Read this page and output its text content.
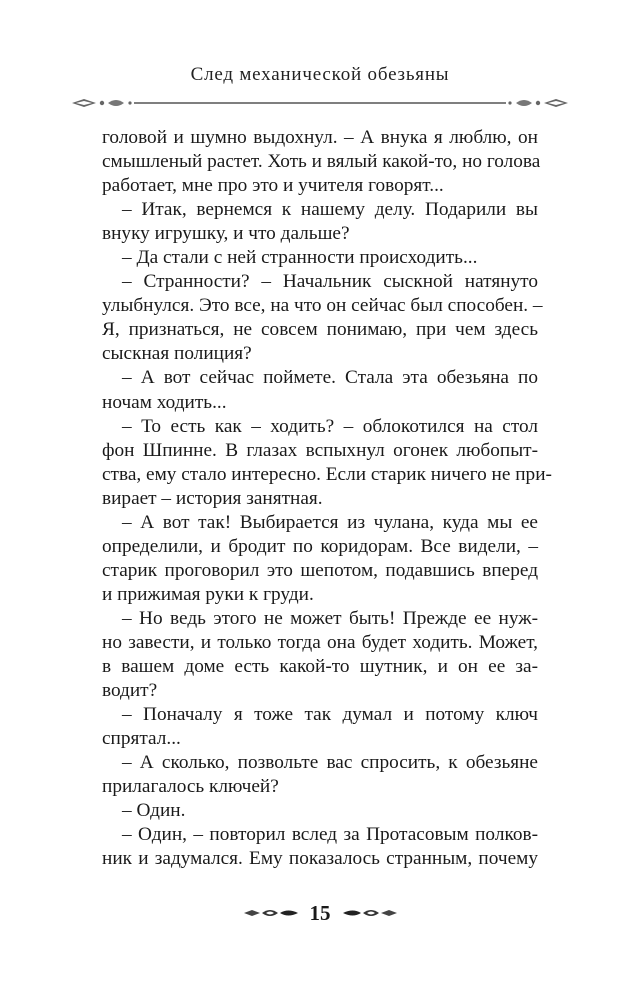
След механической обезьяны
головой и шумно выдохнул. – А внука я люблю, он
смышленый растет. Хоть и вялый какой-то, но голова
работает, мне про это и учителя говорят...
– Итак, вернемся к нашему делу. Подарили вы
внуку игрушку, и что дальше?
– Да стали с ней странности происходить...
– Странности? – Начальник сыскной натянуто
улыбнулся. Это все, на что он сейчас был способен. –
Я, признаться, не совсем понимаю, при чем здесь
сыскная полиция?
– А вот сейчас поймете. Стала эта обезьяна по
ночам ходить...
– То есть как – ходить? – облокотился на стол
фон Шпинне. В глазах вспыхнул огонек любопыт-
ства, ему стало интересно. Если старик ничего не при-
вирает – история занятная.
– А вот так! Выбирается из чулана, куда мы ее
определили, и бродит по коридорам. Все видели, –
старик проговорил это шепотом, подавшись вперед
и прижимая руки к груди.
– Но ведь этого не может быть! Прежде ее нуж-
но завести, и только тогда она будет ходить. Может,
в вашем доме есть какой-то шутник, и он ее за-
водит?
– Поначалу я тоже так думал и потому ключ
спрятал...
– А сколько, позвольте вас спросить, к обезьяне
прилагалось ключей?
– Один.
– Один, – повторил вслед за Протасовым полков-
ник и задумался. Ему показалось странным, почему
15
